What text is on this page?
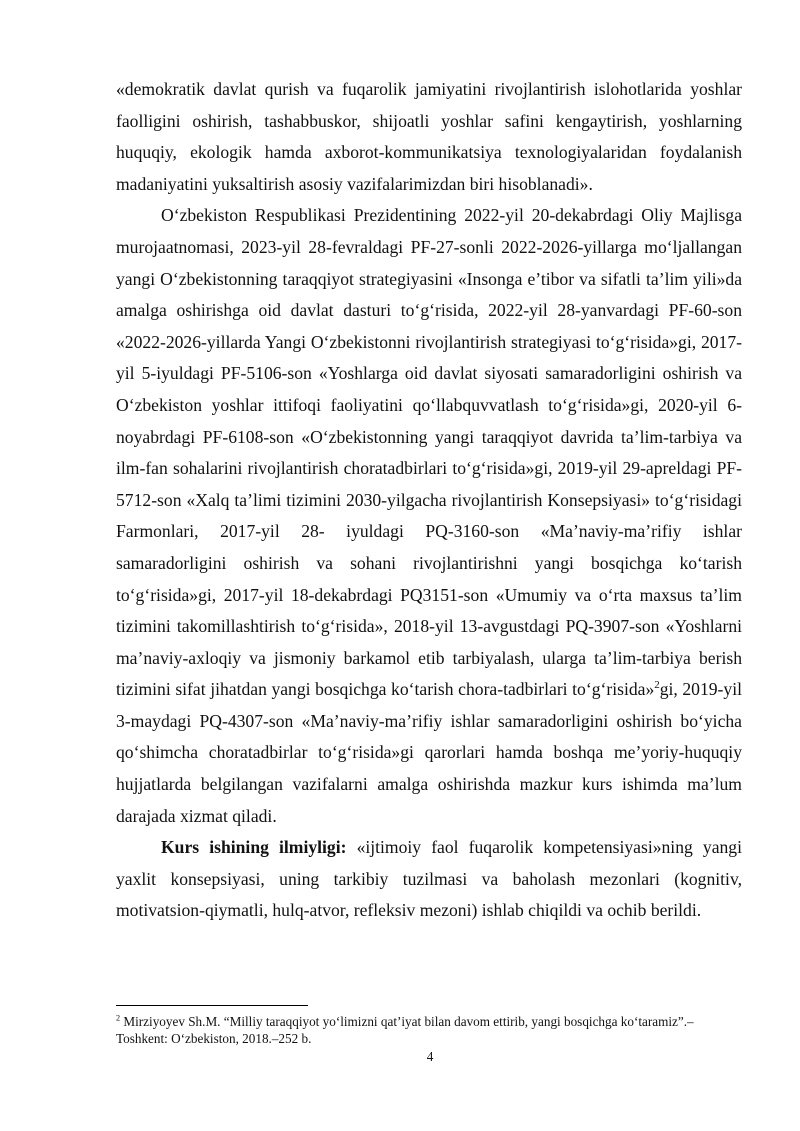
«demokratik davlat qurish va fuqarolik jamiyatini rivojlantirish islohotlarida yoshlar faolligini oshirish, tashabbuskor, shijoatli yoshlar safini kengaytirish, yoshlarning huquqiy, ekologik hamda axborot-kommunikatsiya texnologiyalaridan foydalanish madaniyatini yuksaltirish asosiy vazifalarimizdan biri hisoblanadi».

O‘zbekiston Respublikasi Prezidentining 2022-yil 20-dekabrdagi Oliy Majlisga murojaatnomasi, 2023-yil 28-fevraldagi PF-27-sonli 2022-2026-yillarga mo‘ljallangan yangi O‘zbekistonning taraqqiyot strategiyasini «Insonga e’tibor va sifatli ta’lim yili»da amalga oshirishga oid davlat dasturi to‘g‘risida, 2022-yil 28-yanvardagi PF-60-son «2022-2026-yillarda Yangi O‘zbekistonni rivojlantirish strategiyasi to‘g‘risida»gi, 2017-yil 5-iyuldagi PF-5106-son «Yoshlarga oid davlat siyosati samaradorligini oshirish va O‘zbekiston yoshlar ittifoqi faoliyatini qo‘llabquvvatlash to‘g‘risida»gi, 2020-yil 6-noyabrdagi PF-6108-son «O‘zbekistonning yangi taraqqiyot davrida ta’lim-tarbiya va ilm-fan sohalarini rivojlantirish choratadbirlari to‘g‘risida»gi, 2019-yil 29-apreldagi PF-5712-son «Xalq ta’limi tizimini 2030-yilgacha rivojlantirish Konsepsiyasi» to‘g‘risidagi Farmonlari, 2017-yil 28- iyuldagi PQ-3160-son «Ma’naviy-ma’rifiy ishlar samaradorligini oshirish va sohani rivojlantirishni yangi bosqichga ko‘tarish to‘g‘risida»gi, 2017-yil 18-dekabrdagi PQ3151-son «Umumiy va o‘rta maxsus ta’lim tizimini takomillashtirish to‘g‘risida», 2018-yil 13-avgustdagi PQ-3907-son «Yoshlarni ma’naviy-axloqiy va jismoniy barkamol etib tarbiyalash, ularga ta’lim-tarbiya berish tizimini sifat jihatdan yangi bosqichga ko‘tarish chora-tadbirlari to‘g‘risida»$^2$gi, 2019-yil 3-maydagi PQ-4307-son «Ma’naviy-ma’rifiy ishlar samaradorligini oshirish bo‘yicha qo‘shimcha choratadbirlar to‘g‘risida»gi qarorlari hamda boshqa me’yoriy-huquqiy hujjatlarda belgilangan vazifalarni amalga oshirishda mazkur kurs ishimda ma’lum darajada xizmat qiladi.

Kurs ishining ilmiyligi: «ijtimoiy faol fuqarolik kompetensiyasi»ning yangi yaxlit konsepsiyasi, uning tarkibiy tuzilmasi va baholash mezonlari (kognitiv, motivatsion-qiymatli, hulq-atvor, refleksiv mezoni) ishlab chiqildi va ochib berildi.

$^2$ Mirziyoyev Sh.M. “Milliy taraqqiyot yo‘limizni qat’iyat bilan davom ettirib, yangi bosqichga ko‘taramiz”.–Toshkent: O‘zbekiston, 2018.–252 b.
4
